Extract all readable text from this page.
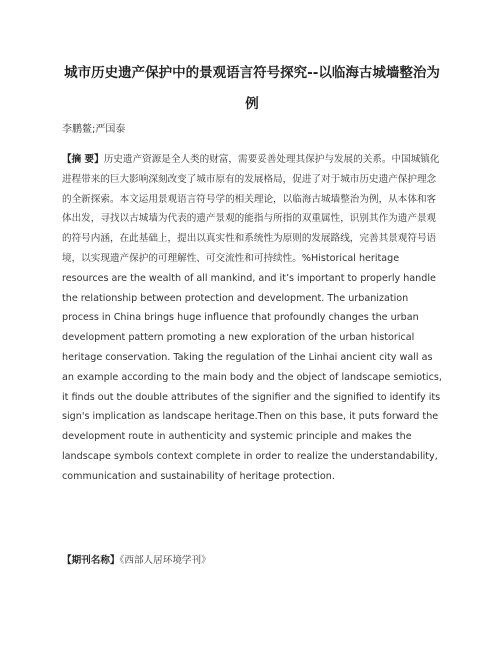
城市历史遗产保护中的景观语言符号探究--以临海古城墙整治为例
李鹏鳌;严国泰
【摘 要】历史遗产资源是全人类的财富，需要妥善处理其保护与发展的关系。中国城镇化进程带来的巨大影响深刻改变了城市原有的发展格局，促进了对于城市历史遗产保护理念的全新探索。本文运用景观语言符号学的相关理论，以临海古城墙整治为例，从本体和客体出发，寻找以古城墙为代表的遗产景观的能指与所指的双重属性，识别其作为遗产景观的符号内涵，在此基础上，提出以真实性和系统性为原则的发展路线，完善其景观符号语境，以实现遗产保护的可理解性、可交流性和可持续性。%Historical heritage resources are the wealth of all mankind, and it’s important to properly handle the relationship between protection and development. The urbanization process in China brings huge influence that profoundly changes the urban development pattern promoting a new exploration of the urban historical heritage conservation. Taking the regulation of the Linhai ancient city wall as an example according to the main body and the object of landscape semiotics, it finds out the double attributes of the signifier and the signified to identify its sign's implication as landscape heritage.Then on this base, it puts forward the development route in authenticity and systemic principle and makes the landscape symbols context complete in order to realize the understandability, communication and sustainability of heritage protection.
【期刊名称】《西部人居环境学刊》
